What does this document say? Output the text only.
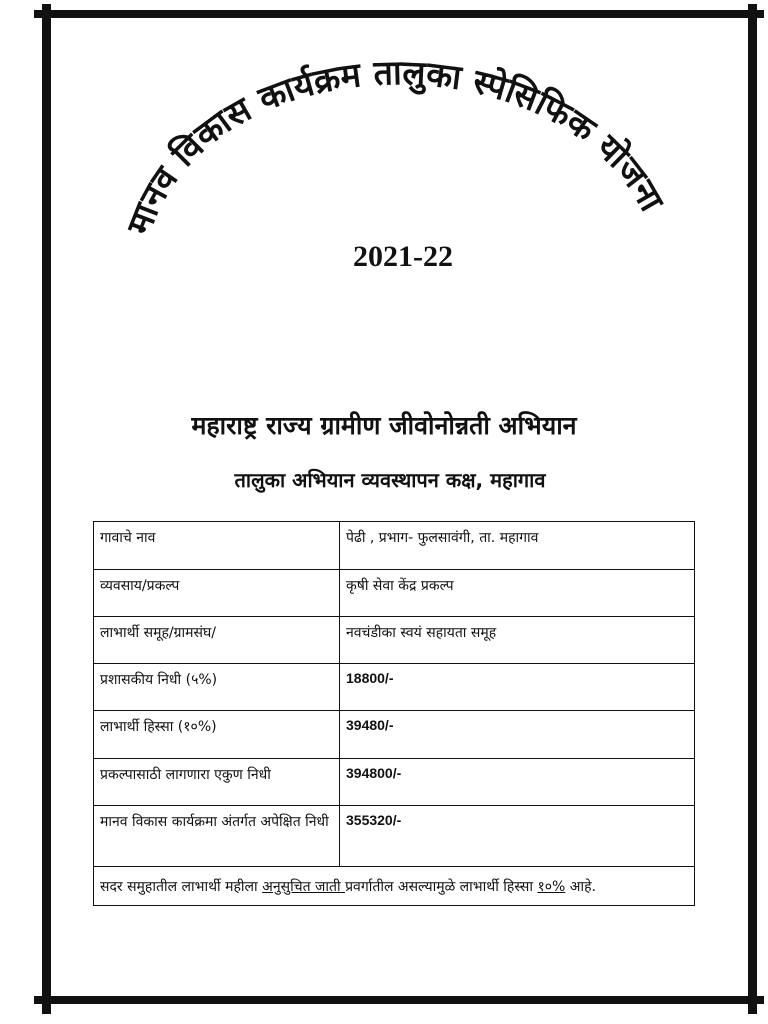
मानव विकास कार्यक्रम तालुका स्पेसिफिक योजना
2021-22
महाराष्ट्र राज्य ग्रामीण जीवोनोन्नती अभियान
तालुका अभियान व्यवस्थापन कक्ष, महागाव
गावाचे नाव	पेढी , प्रभाग- फुलसावंगी, ता. महागाव
व्यवसाय/प्रकल्प	कृषी सेवा केंद्र प्रकल्प
लाभार्थी समूह/ग्रामसंघ/	नवचंडीका स्वयं सहायता समूह
प्रशासकीय निधी (५%)	18800/-
लाभार्थी हिस्सा (१०%)	39480/-
प्रकल्पासाठी लागणारा एकुण निधी	394800/-
मानव विकास कार्यक्रमा अंतर्गत अपेक्षित निधी	355320/-
सदर समुहातील लाभार्थी महीला अनुसुचित जाती प्रवर्गातील असल्यामुळे लाभार्थी हिस्सा १०% आहे.	
